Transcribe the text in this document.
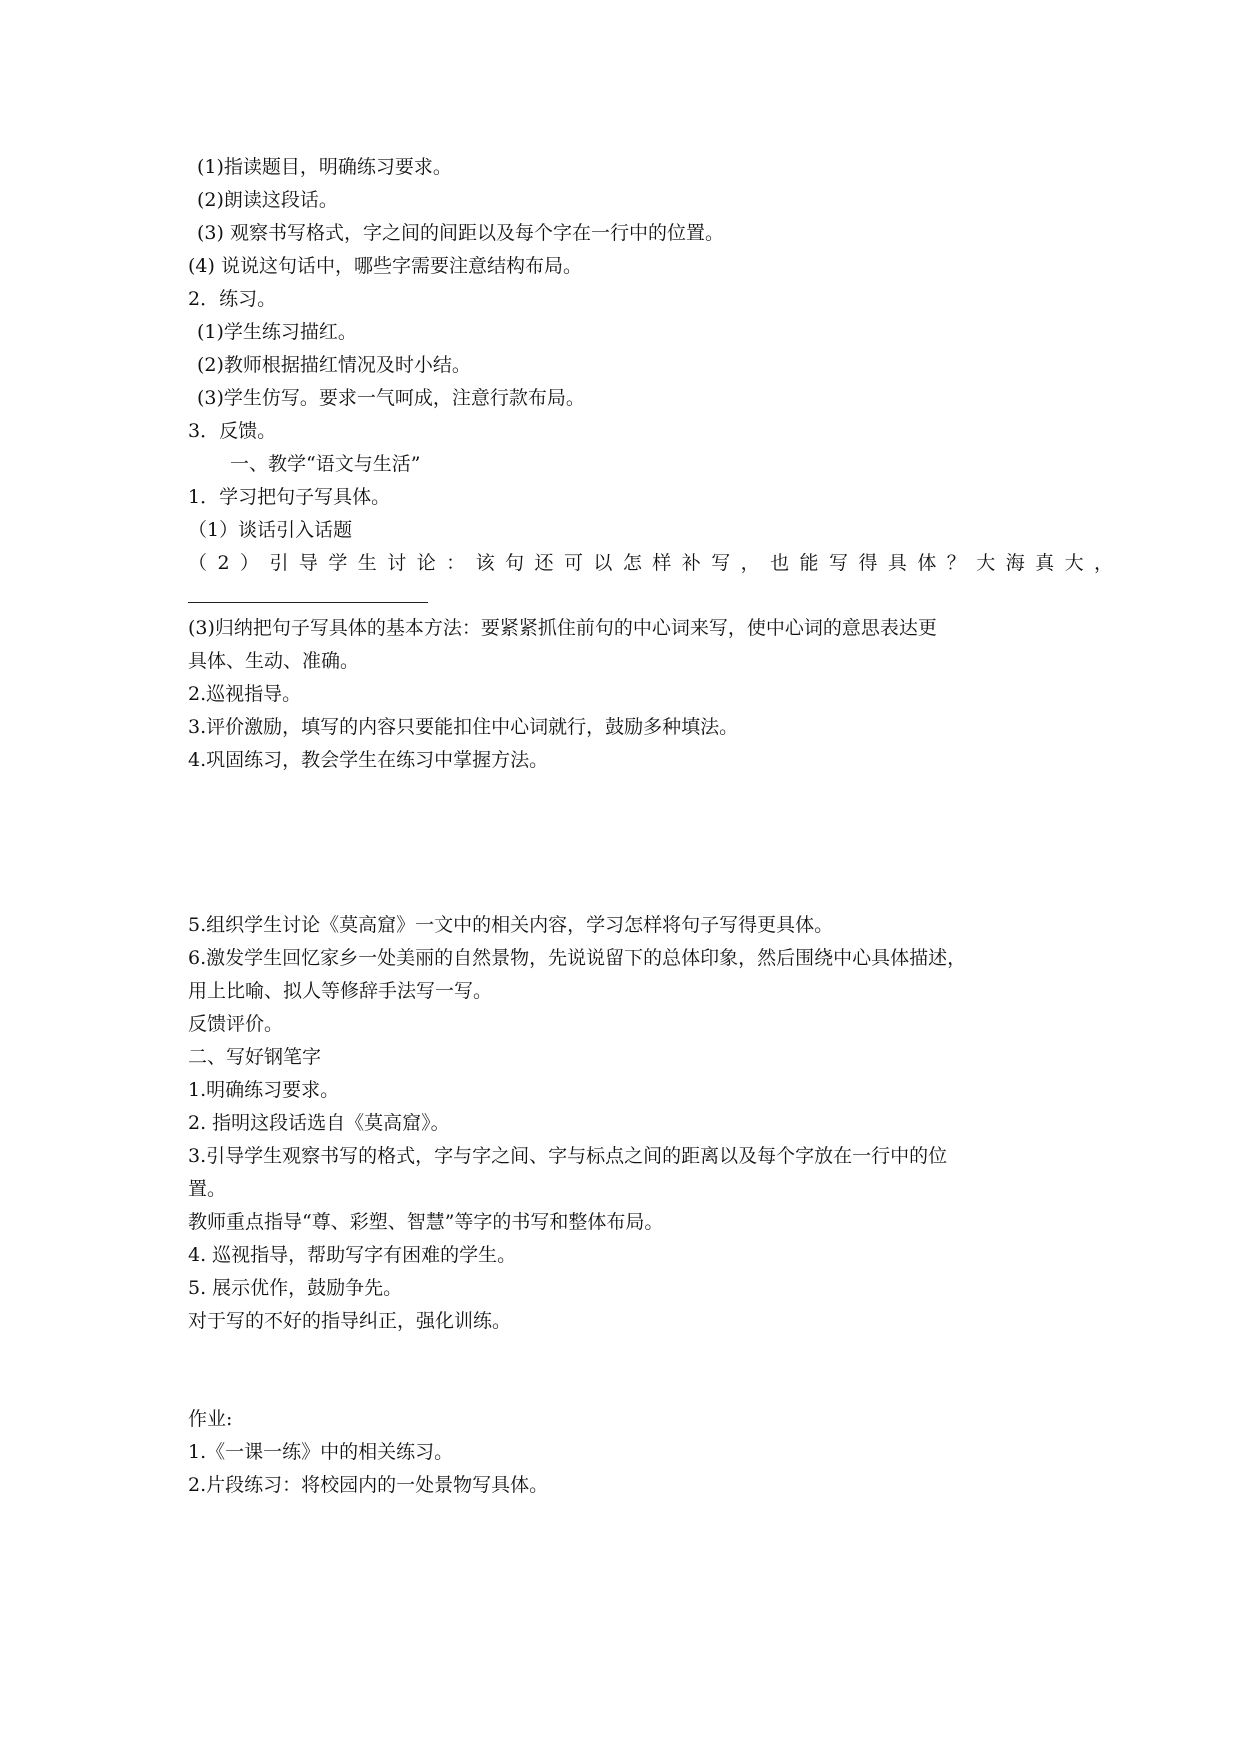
(1)指读题目，明确练习要求。
(2)朗读这段话。
(3) 观察书写格式，字之间的间距以及每个字在一行中的位置。
(4) 说说这句话中，哪些字需要注意结构布局。
2．练习。
(1)学生练习描红。
(2)教师根据描红情况及时小结。
(3)学生仿写。要求一气呵成，注意行款布局。
3．反馈。
一、教学“语文与生活”
1．学习把句子写具体。
（1）谈话引入话题
（2）引导学生讨论：该句还可以怎样补写，也能写得具体？大海真大，
(3)归纳把句子写具体的基本方法：要紧紧抓住前句的中心词来写，使中心词的意思表达更
具体、生动、准确。
2.巡视指导。
3.评价激励，填写的内容只要能扣住中心词就行，鼓励多种填法。
4.巩固练习，教会学生在练习中掌握方法。
5.组织学生讨论《莫高窟》一文中的相关内容，学习怎样将句子写得更具体。
6.激发学生回忆家乡一处美丽的自然景物，先说说留下的总体印象，然后围绕中心具体描述，
用上比喻、拟人等修辞手法写一写。
反馈评价。
二、写好钢笔字
1.明确练习要求。
2. 指明这段话选自《莫高窟》。
3.引导学生观察书写的格式，字与字之间、字与标点之间的距离以及每个字放在一行中的位
置。
教师重点指导“尊、彩塑、智慧”等字的书写和整体布局。
4. 巡视指导，帮助写字有困难的学生。
5. 展示优作，鼓励争先。
对于写的不好的指导纠正，强化训练。
作业:
1.《一课一练》中的相关练习。
2.片段练习：将校园内的一处景物写具体。
